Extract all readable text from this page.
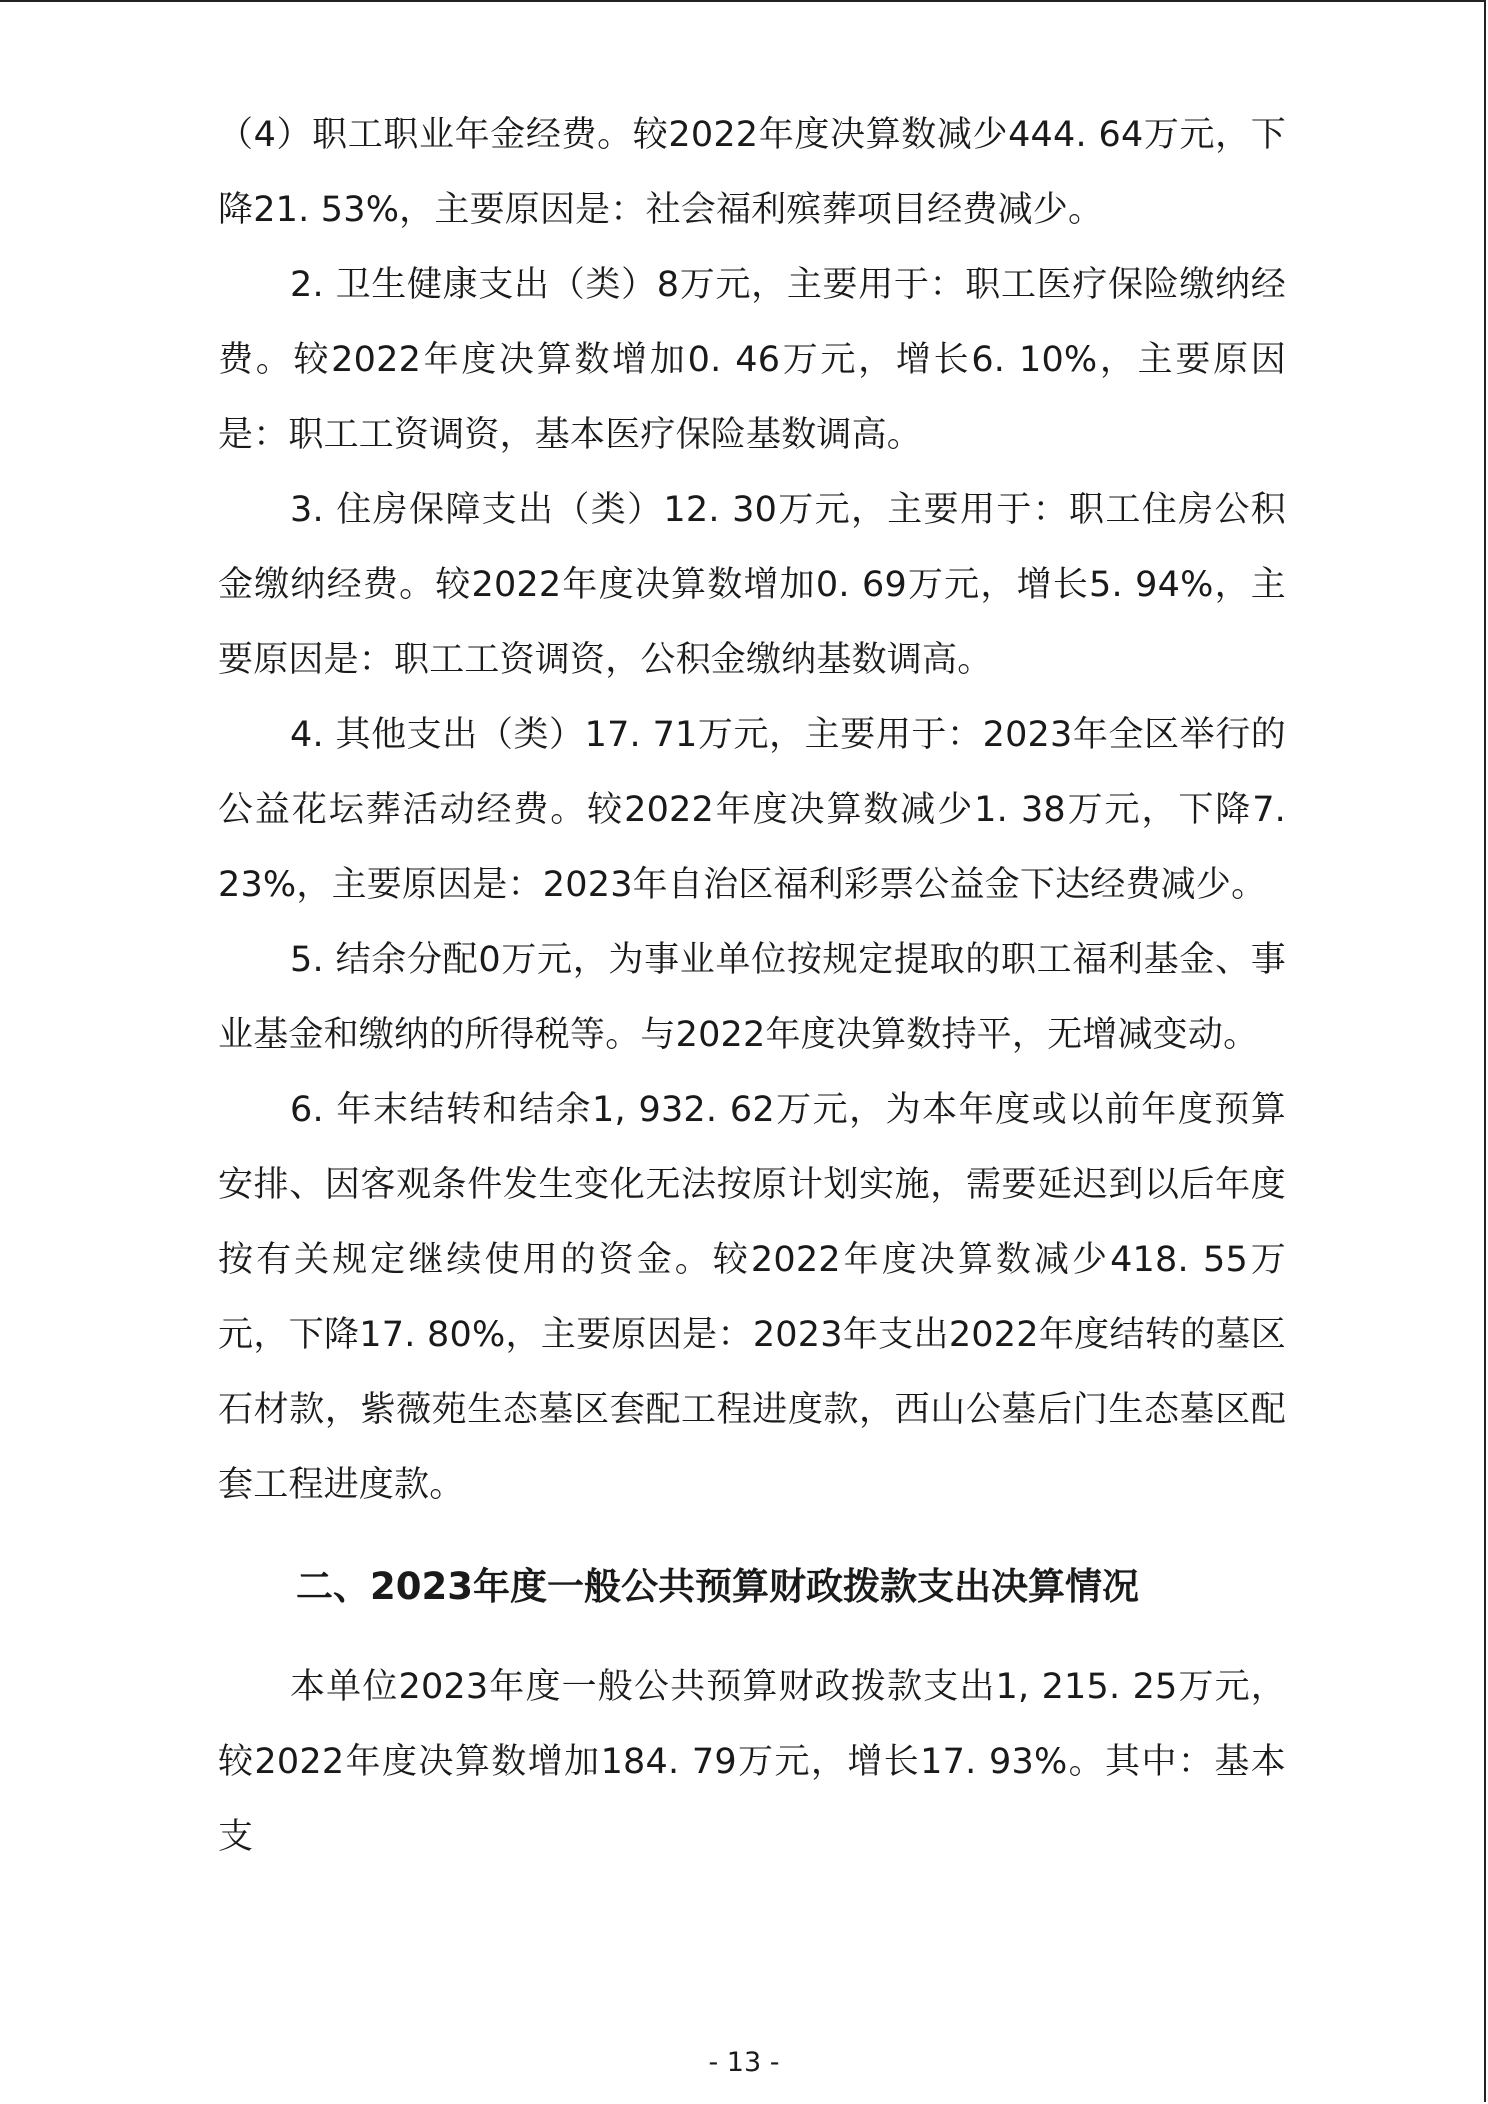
（4）职工职业年金经费。较2022年度决算数减少444. 64万元，下降21. 53%，主要原因是：社会福利殡葬项目经费减少。

2. 卫生健康支出（类）8万元，主要用于：职工医疗保险缴纳经费。较2022年度决算数增加0. 46万元，增长6. 10%，主要原因是：职工工资调资，基本医疗保险基数调高。

3. 住房保障支出（类）12. 30万元，主要用于：职工住房公积金缴纳经费。较2022年度决算数增加0. 69万元，增长5. 94%，主要原因是：职工工资调资，公积金缴纳基数调高。

4. 其他支出（类）17. 71万元，主要用于：2023年全区举行的公益花坛葬活动经费。较2022年度决算数减少1. 38万元，下降7. 23%，主要原因是：2023年自治区福利彩票公益金下达经费减少。

5. 结余分配0万元，为事业单位按规定提取的职工福利基金、事业基金和缴纳的所得税等。与2022年度决算数持平，无增减变动。

6. 年末结转和结余1, 932. 62万元，为本年度或以前年度预算安排、因客观条件发生变化无法按原计划实施，需要延迟到以后年度按有关规定继续使用的资金。较2022年度决算数减少418. 55万元，下降17. 80%，主要原因是：2023年支出2022年度结转的墓区石材款，紫薇苑生态墓区套配工程进度款，西山公墓后门生态墓区配套工程进度款。

二、2023年度一般公共预算财政拨款支出决算情况

本单位2023年度一般公共预算财政拨款支出1, 215. 25万元，较2022年度决算数增加184. 79万元，增长17. 93%。其中：基本支

- 13 -
